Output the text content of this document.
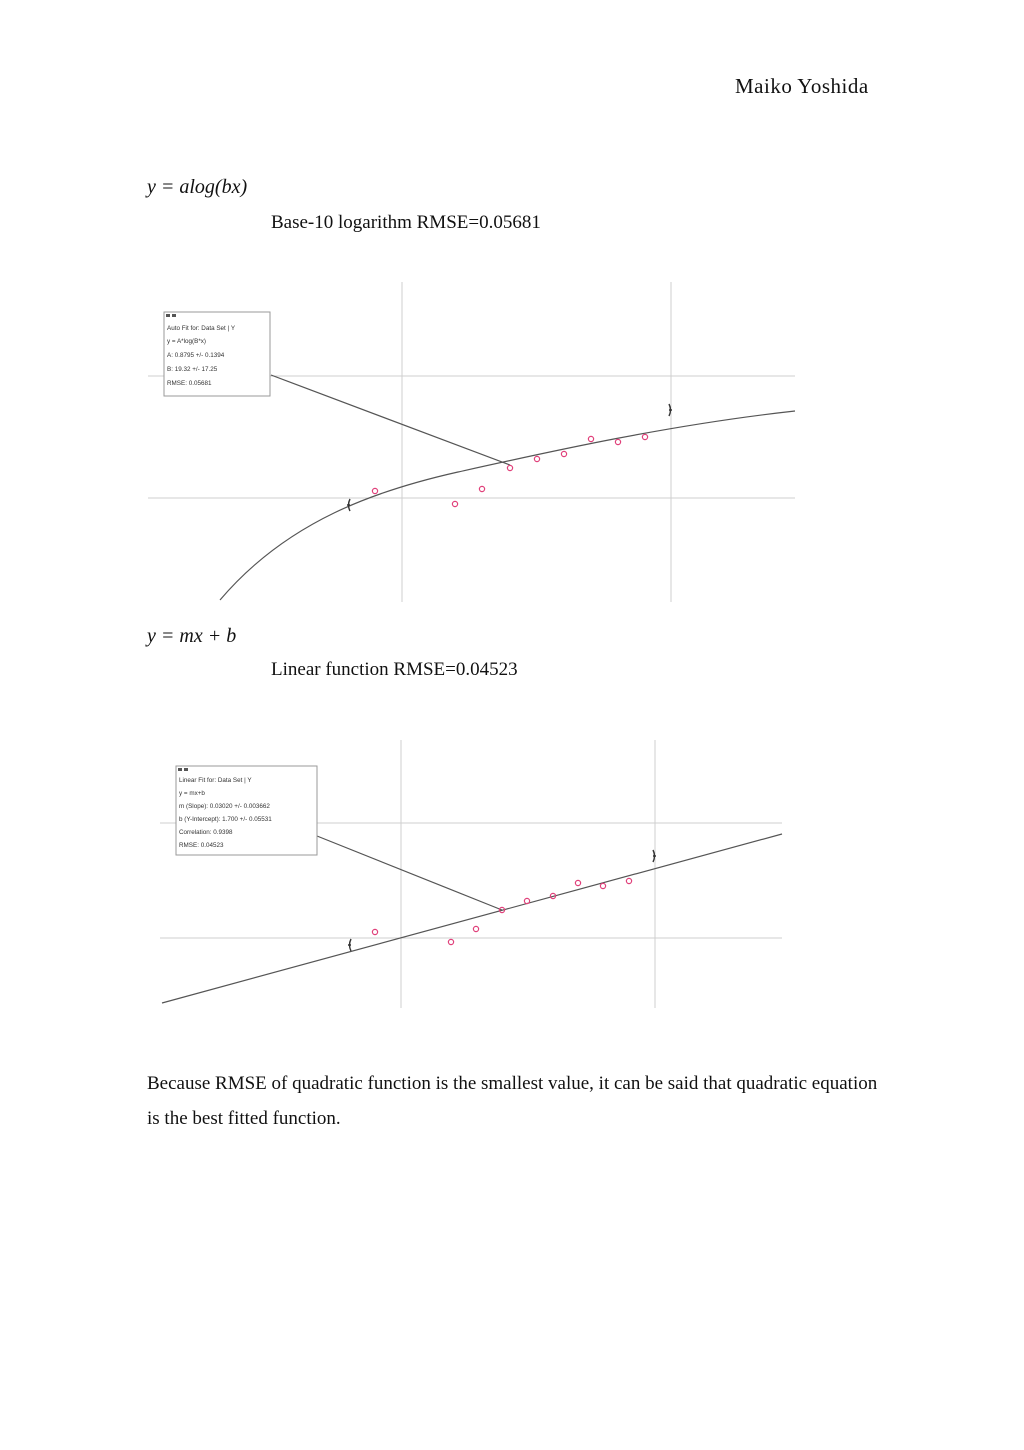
Maiko Yoshida
y = alog(bx)
Base-10 logarithm RMSE=0.05681
Auto Fit for: Data Set | Y
y = A*log(B*x)
A: 0.8795 +/- 0.1394
B: 19.32 +/- 17.25
RMSE: 0.05681
y = mx + b
Linear function RMSE=0.04523
Linear Fit for: Data Set | Y
y = mx+b
m (Slope): 0.03020 +/- 0.003662
b (Y-Intercept): 1.700 +/- 0.05531
Correlation: 0.9398
RMSE: 0.04523
Because RMSE of quadratic function is the smallest value, it can be said that quadratic equation is the best fitted function.
